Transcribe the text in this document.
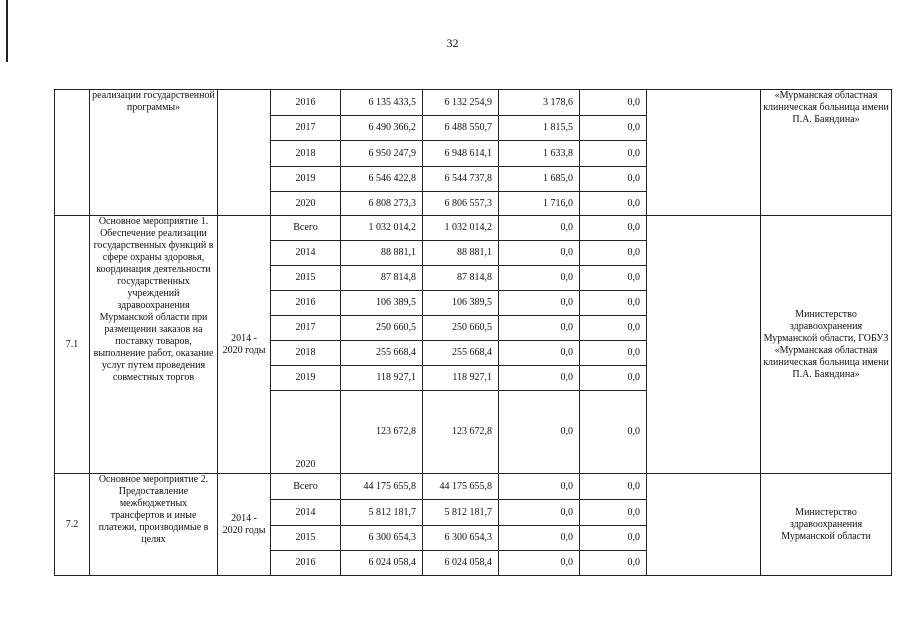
32
	реализации государственной программы»		2016	6 135 433,5	6 132 254,9	3 178,6	0,0		«Мурманская областная клиническая больница имени П.А. Баяндина»
			2017	6 490 366,2	6 488 550,7	1 815,5	0,0		
			2018	6 950 247,9	6 948 614,1	1 633,8	0,0		
			2019	6 546 422,8	6 544 737,8	1 685,0	0,0		
			2020	6 808 273,3	6 806 557,3	1 716,0	0,0		
7.1	Основное мероприятие 1. Обеспечение реализации государственных функций в сфере охраны здоровья, координация деятельности государственных учреждений здравоохранения Мурманской области при размещении заказов на поставку товаров, выполнение работ, оказание услуг путем проведения совместных торгов	2014 - 2020 годы	Всего	1 032 014,2	1 032 014,2	0,0	0,0		Министерство здравоохранения Мурманской области, ГОБУЗ «Мурманская областная клиническая больница имени П.А. Баяндина»
			2014	88 881,1	88 881,1	0,0	0,0		
			2015	87 814,8	87 814,8	0,0	0,0		
			2016	106 389,5	106 389,5	0,0	0,0		
			2017	250 660,5	250 660,5	0,0	0,0		
			2018	255 668,4	255 668,4	0,0	0,0		
			2019	118 927,1	118 927,1	0,0	0,0		
			2020	123 672,8	123 672,8	0,0	0,0		
7.2	Основное мероприятие 2. Предоставление межбюджетных трансфертов и иные платежи, производимые в целях	2014 - 2020 годы	Всего	44 175 655,8	44 175 655,8	0,0	0,0		Министерство здравоохранения Мурманской области
			2014	5 812 181,7	5 812 181,7	0,0	0,0		
			2015	6 300 654,3	6 300 654,3	0,0	0,0		
			2016	6 024 058,4	6 024 058,4	0,0	0,0		
